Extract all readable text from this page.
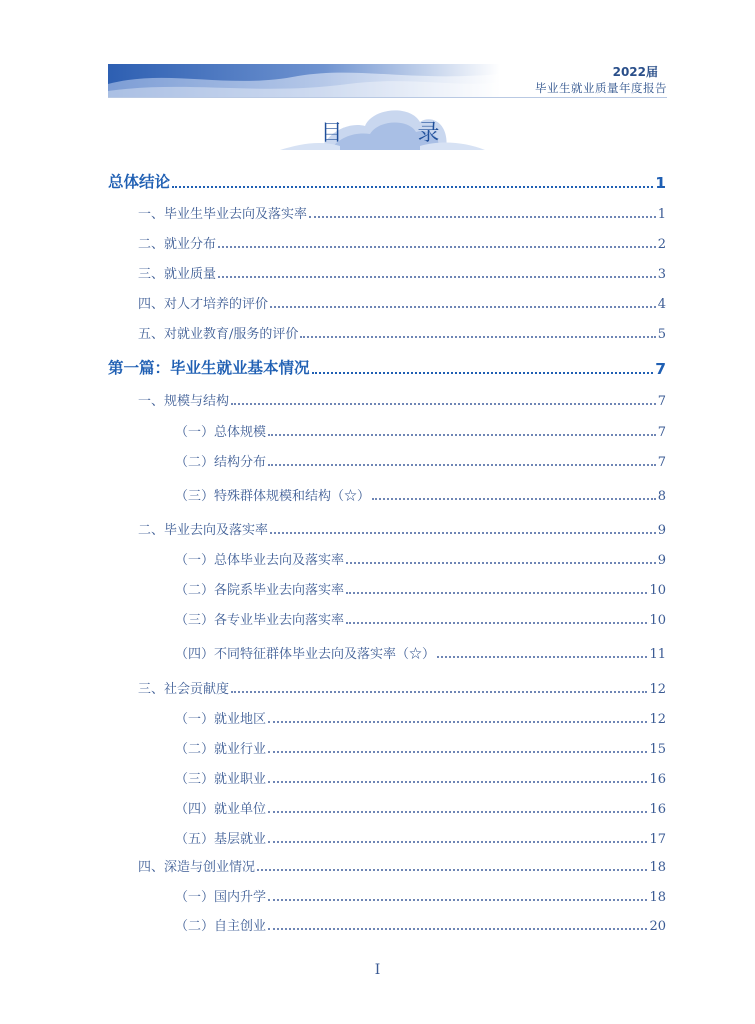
2022届
毕业生就业质量年度报告
目 录
总体结论	1
一、毕业生毕业去向及落实率	1
二、就业分布	2
三、就业质量	3
四、对人才培养的评价	4
五、对就业教育/服务的评价	5
第一篇：毕业生就业基本情况	7
一、规模与结构	7
（一）总体规模	7
（二）结构分布	7
（三）特殊群体规模和结构（☆）	8
二、毕业去向及落实率	9
（一）总体毕业去向及落实率	9
（二）各院系毕业去向落实率	10
（三）各专业毕业去向落实率	10
（四）不同特征群体毕业去向及落实率（☆）	11
三、社会贡献度	12
（一）就业地区	12
（二）就业行业	15
（三）就业职业	16
（四）就业单位	16
（五）基层就业	17
四、深造与创业情况	18
（一）国内升学	18
（二）自主创业	20
I
